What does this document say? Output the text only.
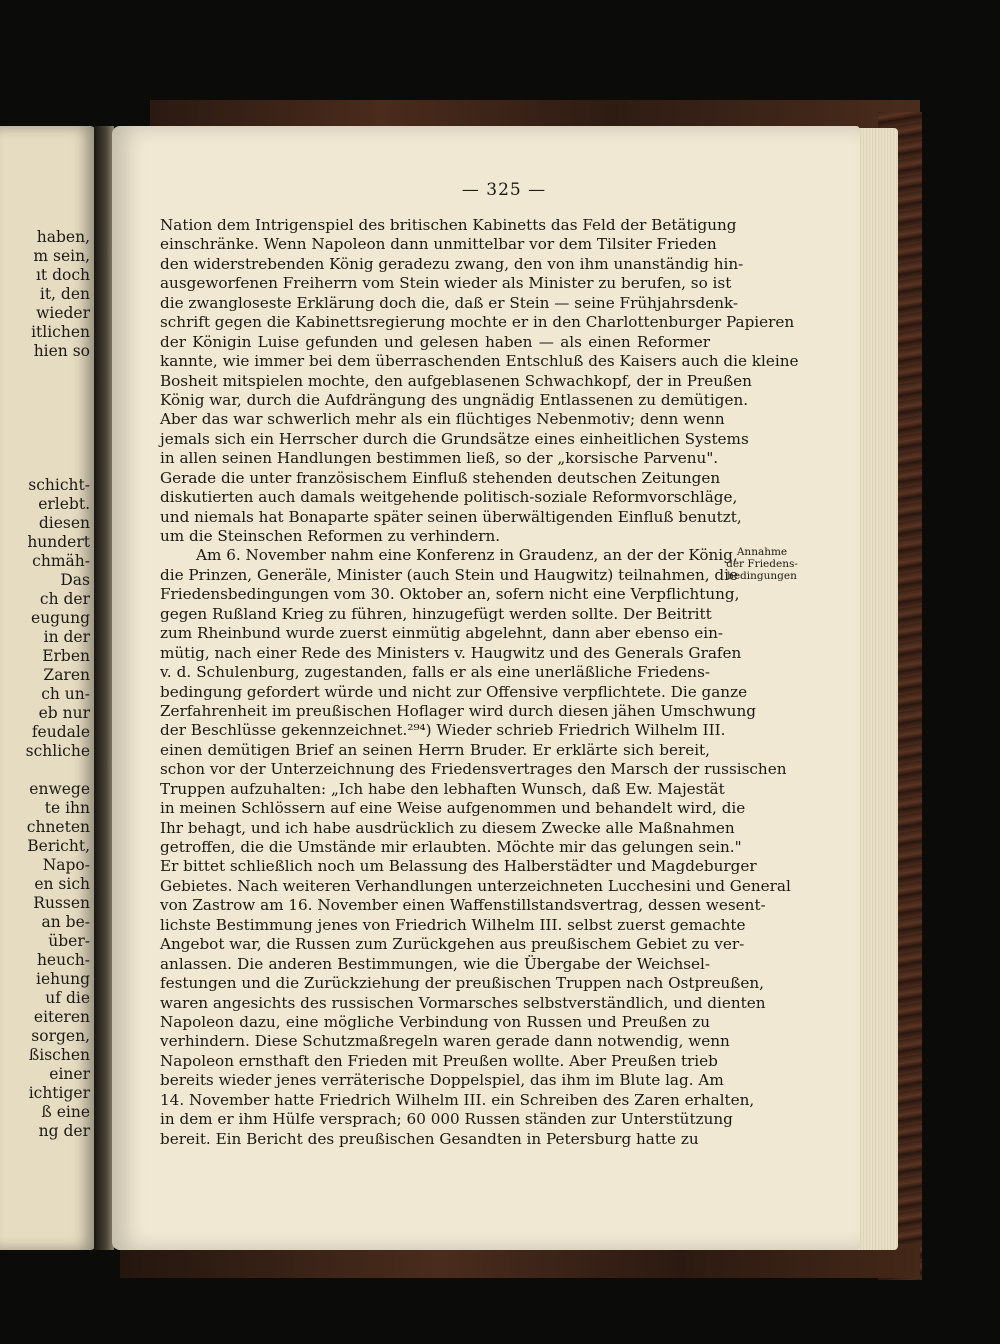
haben,
m sein,
ıt doch
it, den
wieder
itlichen
hien so
schicht-
erlebt.
diesen
hundert
chmäh-
Das
ch der
eugung
in der
Erben
Zaren
ch un-
eb nur
feudale
schliche
enwege
te ihn
chneten
Bericht,
Napo-
en sich
Russen
an be-
über-
heuch-
iehung
uf die
eiteren
sorgen,
ßischen
einer
ichtiger
ß eine
ng der
— 325 —
Nation dem Intrigenspiel des britischen Kabinetts das Feld der Betätigung
einschränke. Wenn Napoleon dann unmittelbar vor dem Tilsiter Frieden
den widerstrebenden König geradezu zwang, den von ihm unanständig hin-
ausgeworfenen Freiherrn vom Stein wieder als Minister zu berufen, so ist
die zwangloseste Erklärung doch die, daß er Stein — seine Frühjahrsdenk-
schrift gegen die Kabinettsregierung mochte er in den Charlottenburger Papieren
der Königin Luise gefunden und gelesen haben — als einen Reformer
kannte, wie immer bei dem überraschenden Entschluß des Kaisers auch die kleine
Bosheit mitspielen mochte, den aufgeblasenen Schwachkopf, der in Preußen
König war, durch die Aufdrängung des ungnädig Entlassenen zu demütigen.
Aber das war schwerlich mehr als ein flüchtiges Nebenmotiv; denn wenn
jemals sich ein Herrscher durch die Grundsätze eines einheitlichen Systems
in allen seinen Handlungen bestimmen ließ, so der „korsische Parvenu".
Gerade die unter französischem Einfluß stehenden deutschen Zeitungen
diskutierten auch damals weitgehende politisch-soziale Reformvorschläge,
und niemals hat Bonaparte später seinen überwältigenden Einfluß benutzt,
um die Steinschen Reformen zu verhindern.
Am 6. November nahm eine Konferenz in Graudenz, an der der König,
die Prinzen, Generäle, Minister (auch Stein und Haugwitz) teilnahmen, die
Friedensbedingungen vom 30. Oktober an, sofern nicht eine Verpflichtung,
gegen Rußland Krieg zu führen, hinzugefügt werden sollte. Der Beitritt
zum Rheinbund wurde zuerst einmütig abgelehnt, dann aber ebenso ein-
mütig, nach einer Rede des Ministers v. Haugwitz und des Generals Grafen
v. d. Schulenburg, zugestanden, falls er als eine unerläßliche Friedens-
bedingung gefordert würde und nicht zur Offensive verpflichtete. Die ganze
Zerfahrenheit im preußischen Hoflager wird durch diesen jähen Umschwung
der Beschlüsse gekennzeichnet.²⁹⁴) Wieder schrieb Friedrich Wilhelm III.
einen demütigen Brief an seinen Herrn Bruder. Er erklärte sich bereit,
schon vor der Unterzeichnung des Friedensvertrages den Marsch der russischen
Truppen aufzuhalten: „Ich habe den lebhaften Wunsch, daß Ew. Majestät
in meinen Schlössern auf eine Weise aufgenommen und behandelt wird, die
Ihr behagt, und ich habe ausdrücklich zu diesem Zwecke alle Maßnahmen
getroffen, die die Umstände mir erlaubten. Möchte mir das gelungen sein."
Er bittet schließlich noch um Belassung des Halberstädter und Magdeburger
Gebietes. Nach weiteren Verhandlungen unterzeichneten Lucchesini und General
von Zastrow am 16. November einen Waffenstillstandsvertrag, dessen wesent-
lichste Bestimmung jenes von Friedrich Wilhelm III. selbst zuerst gemachte
Angebot war, die Russen zum Zurückgehen aus preußischem Gebiet zu ver-
anlassen. Die anderen Bestimmungen, wie die Übergabe der Weichsel-
festungen und die Zurückziehung der preußischen Truppen nach Ostpreußen,
waren angesichts des russischen Vormarsches selbstverständlich, und dienten
Napoleon dazu, eine mögliche Verbindung von Russen und Preußen zu
verhindern. Diese Schutzmaßregeln waren gerade dann notwendig, wenn
Napoleon ernsthaft den Frieden mit Preußen wollte. Aber Preußen trieb
bereits wieder jenes verräterische Doppelspiel, das ihm im Blute lag. Am
14. November hatte Friedrich Wilhelm III. ein Schreiben des Zaren erhalten,
in dem er ihm Hülfe versprach; 60 000 Russen ständen zur Unterstützung
bereit. Ein Bericht des preußischen Gesandten in Petersburg hatte zu
Annahme
der Friedens-
bedingungen
